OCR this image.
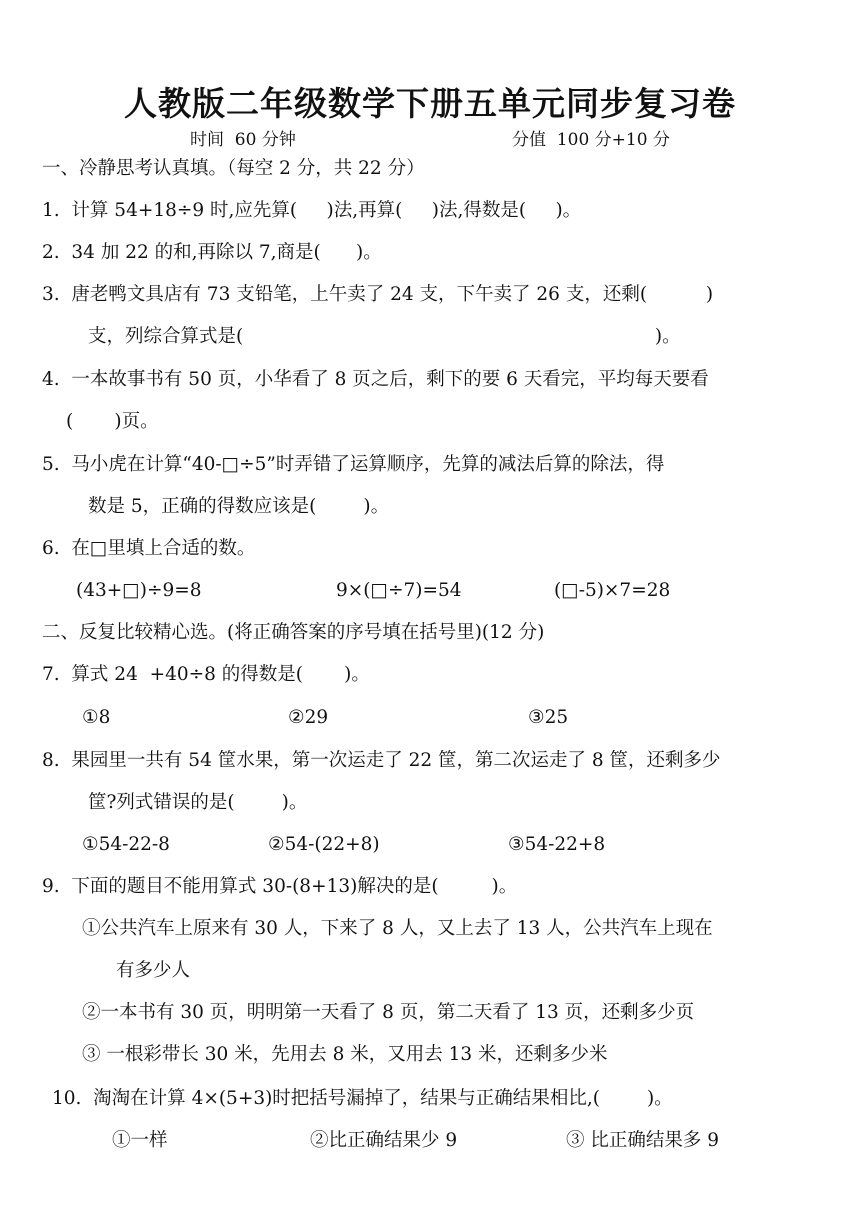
人教版二年级数学下册五单元同步复习卷
时间  60 分钟	分值  100 分+10 分
一、冷静思考认真填。（每空 2 分，共 22 分）
1.  计算 54+18÷9 时,应先算(     )法,再算(     )法,得数是(     )。
2.  34 加 22 的和,再除以 7,商是(      )。
3.  唐老鸭文具店有 73 支铅笔，上午卖了 24 支，下午卖了 26 支，还剩(          )
支，列综合算式是(                                                                      )。
4.  一本故事书有 50 页，小华看了 8 页之后，剩下的要 6 天看完，平均每天要看
(       )页。
5.  马小虎在计算“40-□÷5”时弄错了运算顺序，先算的减法后算的除法，得
数是 5，正确的得数应该是(        )。
6.  在□里填上合适的数。
(43+□)÷9=8	9×(□÷7)=54	(□-5)×7=28
二、反复比较精心选。(将正确答案的序号填在括号里)(12 分)
7.  算式 24  +40÷8 的得数是(       )。
①8	②29	③25
8.  果园里一共有 54 筐水果，第一次运走了 22 筐，第二次运走了 8 筐，还剩多少
筐?列式错误的是(        )。
①54-22-8	②54-(22+8)	③54-22+8
9.  下面的题目不能用算式 30-(8+13)解决的是(         )。
①公共汽车上原来有 30 人，下来了 8 人，又上去了 13 人，公共汽车上现在
有多少人
②一本书有 30 页，明明第一天看了 8 页，第二天看了 13 页，还剩多少页
③ 一根彩带长 30 米，先用去 8 米，又用去 13 米，还剩多少米
10.  淘淘在计算 4×(5+3)时把括号漏掉了，结果与正确结果相比,(        )。
①一样	②比正确结果少 9	③ 比正确结果多 9
